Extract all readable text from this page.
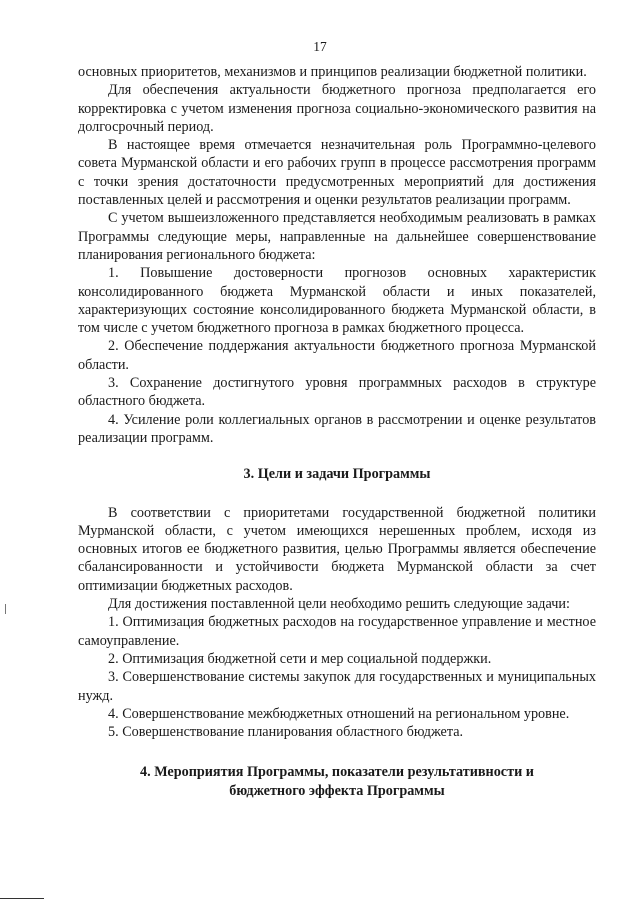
17

основных приоритетов, механизмов и принципов реализации бюджетной политики.

Для обеспечения актуальности бюджетного прогноза предполагается его корректировка с учетом изменения прогноза социально-экономического развития на долгосрочный период.

В настоящее время отмечается незначительная роль Программно-целевого совета Мурманской области и его рабочих групп в процессе рассмотрения программ с точки зрения достаточности предусмотренных мероприятий для достижения поставленных целей и рассмотрения и оценки результатов реализации программ.

С учетом вышеизложенного представляется необходимым реализовать в рамках Программы следующие меры, направленные на дальнейшее совершенствование планирования регионального бюджета:

1. Повышение достоверности прогнозов основных характеристик консолидированного бюджета Мурманской области и иных показателей, характеризующих состояние консолидированного бюджета Мурманской области, в том числе с учетом бюджетного прогноза в рамках бюджетного процесса.

2. Обеспечение поддержания актуальности бюджетного прогноза Мурманской области.

3. Сохранение достигнутого уровня программных расходов в структуре областного бюджета.

4. Усиление роли коллегиальных органов в рассмотрении и оценке результатов реализации программ.

3. Цели и задачи Программы

В соответствии с приоритетами государственной бюджетной политики Мурманской области, с учетом имеющихся нерешенных проблем, исходя из основных итогов ее бюджетного развития, целью Программы является обеспечение сбалансированности и устойчивости бюджета Мурманской области за счет оптимизации бюджетных расходов.

Для достижения поставленной цели необходимо решить следующие задачи:

1. Оптимизация бюджетных расходов на государственное управление и местное самоуправление.

2. Оптимизация бюджетной сети и мер социальной поддержки.

3. Совершенствование системы закупок для государственных и муниципальных нужд.

4. Совершенствование межбюджетных отношений на региональном уровне.

5. Совершенствование планирования областного бюджета.

4. Мероприятия Программы, показатели результативности и
бюджетного эффекта Программы
